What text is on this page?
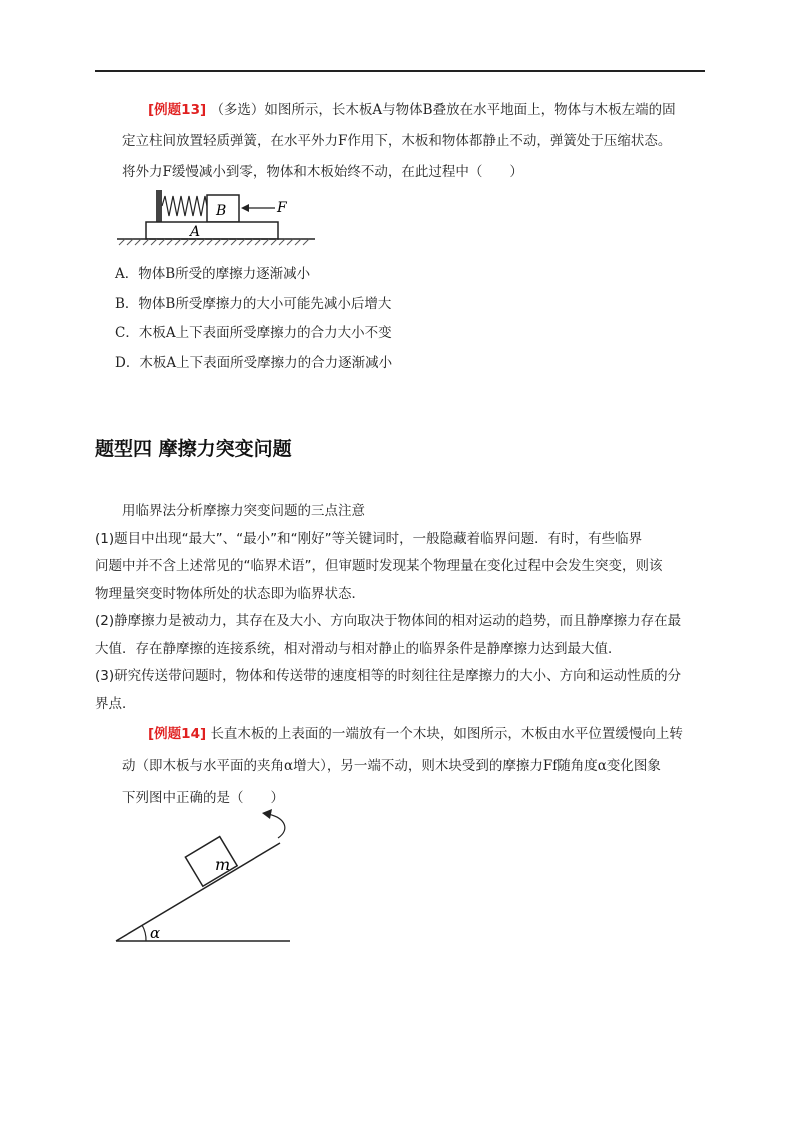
[例题13] （多选）如图所示，长木板A与物体B叠放在水平地面上，物体与木板左端的固
定立柱间放置轻质弹簧，在水平外力F作用下，木板和物体都静止不动，弹簧处于压缩状态。
将外力F缓慢减小到零，物体和木板始终不动，在此过程中（　　）
B	F
A
A．物体B所受的摩擦力逐渐减小
B．物体B所受摩擦力的大小可能先减小后增大
C．木板A上下表面所受摩擦力的合力大小不变
D．木板A上下表面所受摩擦力的合力逐渐减小
题型四 摩擦力突变问题
用临界法分析摩擦力突变问题的三点注意
(1)题目中出现“最大”、“最小”和“刚好”等关键词时，一般隐藏着临界问题．有时，有些临界
问题中并不含上述常见的“临界术语”，但审题时发现某个物理量在变化过程中会发生突变，则该
物理量突变时物体所处的状态即为临界状态．
(2)静摩擦力是被动力，其存在及大小、方向取决于物体间的相对运动的趋势，而且静摩擦力存在最
大值．存在静摩擦的连接系统，相对滑动与相对静止的临界条件是静摩擦力达到最大值．
(3)研究传送带问题时，物体和传送带的速度相等的时刻往往是摩擦力的大小、方向和运动性质的分
界点．
[例题14] 长直木板的上表面的一端放有一个木块，如图所示，木板由水平位置缓慢向上转
动（即木板与水平面的夹角α增大），另一端不动，则木块受到的摩擦力Ff随角度α变化图象
下列图中正确的是（　　）
m
α
